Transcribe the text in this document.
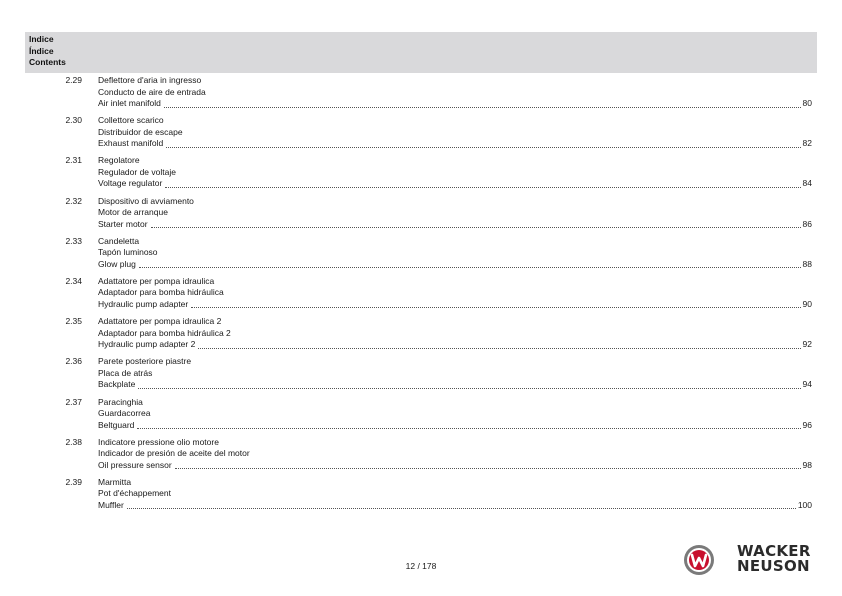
Indice
Índice
Contents
2.29 Deflettore d'aria in ingresso
Conducto de aire de entrada
Air inlet manifold	80
2.30 Collettore scarico
Distribuidor de escape
Exhaust manifold	82
2.31 Regolatore
Regulador de voltaje
Voltage regulator	84
2.32 Dispositivo di avviamento
Motor de arranque
Starter motor	86
2.33 Candeletta
Tapón luminoso
Glow plug	88
2.34 Adattatore per pompa idraulica
Adaptador para bomba hidráulica
Hydraulic pump adapter	90
2.35 Adattatore per pompa idraulica 2
Adaptador para bomba hidráulica 2
Hydraulic pump adapter 2	92
2.36 Parete posteriore piastre
Placa de atrás
Backplate	94
2.37 Paracinghia
Guardacorrea
Beltguard	96
2.38 Indicatore pressione olio motore
Indicador de presión de aceite del motor
Oil pressure sensor	98
2.39 Marmitta
Pot d'échappement
Muffler	100
12 / 178
WACKER
NEUSON
